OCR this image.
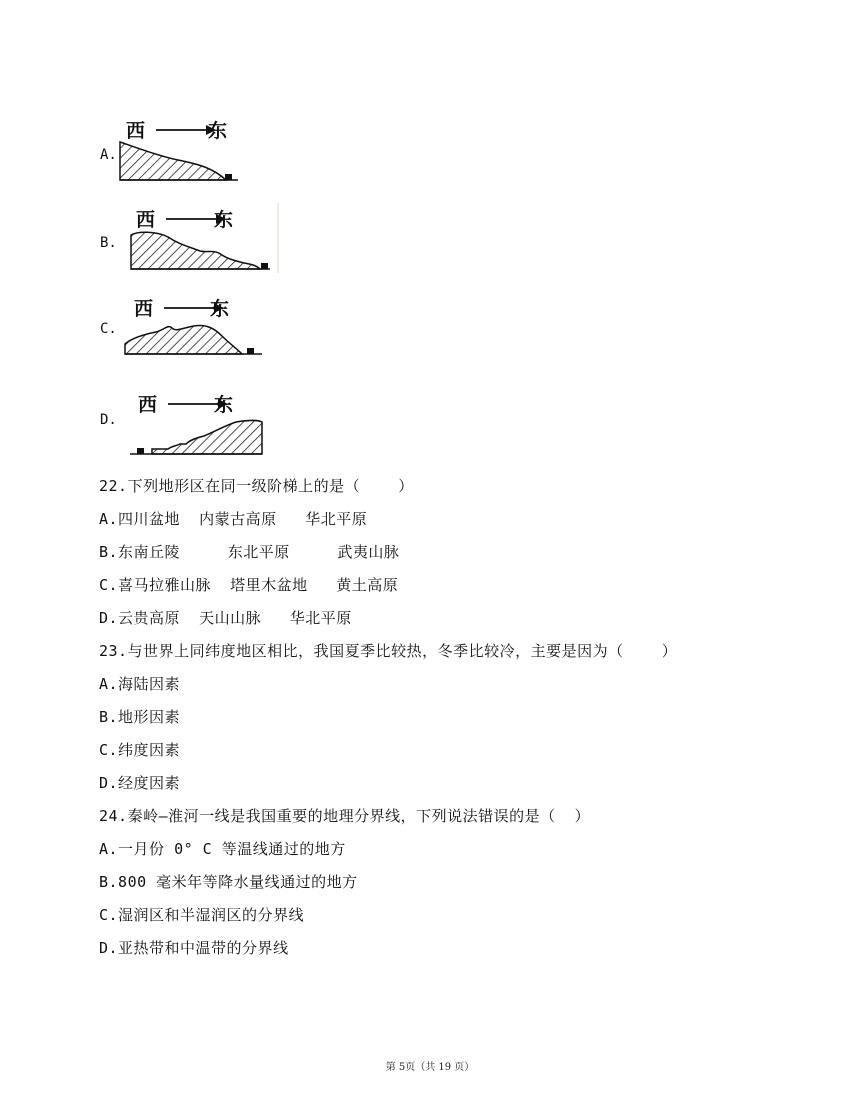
A.
西	东
B.
西	东
C.
西	东
D.
西	东
22.下列地形区在同一级阶梯上的是（    ）
A.四川盆地  内蒙古高原   华北平原
B.东南丘陵     东北平原     武夷山脉
C.喜马拉雅山脉  塔里木盆地   黄土高原
D.云贵高原  天山山脉   华北平原
23.与世界上同纬度地区相比，我国夏季比较热，冬季比较冷，主要是因为（    ）
A.海陆因素
B.地形因素
C.纬度因素
D.经度因素
24.秦岭—淮河一线是我国重要的地理分界线，下列说法错误的是（  ）
A.一月份 0° C 等温线通过的地方
B.800 毫米年等降水量线通过的地方
C.湿润区和半湿润区的分界线
D.亚热带和中温带的分界线
第 5页（共 19 页）
